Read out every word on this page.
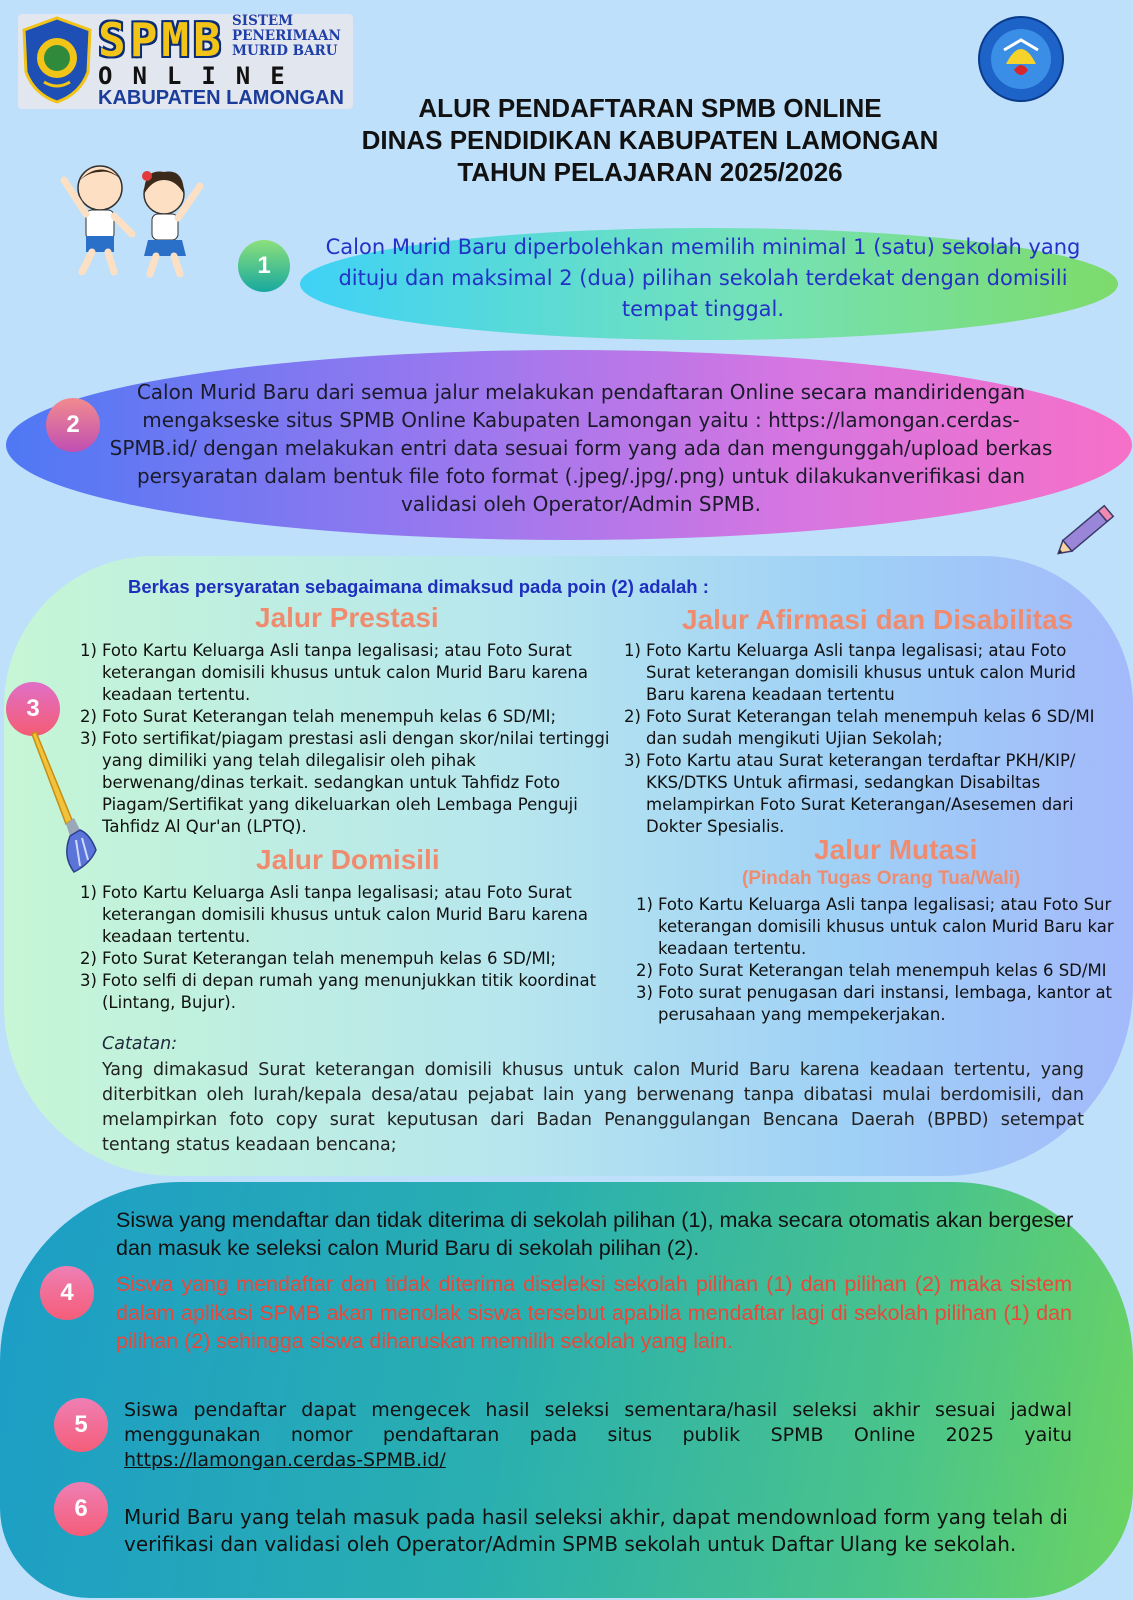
SPMB SISTEM
PENERIMAAN
MURID BARU
ONLINE
KABUPATEN LAMONGAN	ALUR PENDAFTARAN SPMB ONLINE
DINAS PENDIDIKAN KABUPATEN LAMONGAN
TAHUN PELAJARAN 2025/2026
1
Calon Murid Baru diperbolehkan memilih minimal 1 (satu) sekolah yang dituju dan maksimal 2 (dua) pilihan sekolah terdekat dengan domisili tempat tinggal.
2
Calon Murid Baru dari semua jalur melakukan pendaftaran Online secara mandiridengan mengakseske situs SPMB Online Kabupaten Lamongan yaitu : https://lamongan.cerdas-SPMB.id/ dengan melakukan entri data sesuai form yang ada dan mengunggah/upload berkas persyaratan dalam bentuk file foto format (.jpeg/.jpg/.png) untuk dilakukanverifikasi dan validasi oleh Operator/Admin SPMB.
3
Berkas persyaratan sebagaimana dimaksud pada poin (2) adalah :
Jalur Prestasi
1) Foto Kartu Keluarga Asli tanpa legalisasi; atau Foto Surat keterangan domisili khusus untuk calon Murid Baru karena keadaan tertentu.
2) Foto Surat Keterangan telah menempuh kelas 6 SD/MI;
3) Foto sertifikat/piagam prestasi asli dengan skor/nilai tertinggi yang dimiliki yang telah dilegalisir oleh pihak berwenang/dinas terkait. sedangkan untuk Tahfidz Foto Piagam/Sertifikat yang dikeluarkan oleh Lembaga Penguji Tahfidz Al Qur'an (LPTQ).
Jalur Afirmasi dan Disabilitas
1) Foto Kartu Keluarga Asli tanpa legalisasi; atau Foto Surat keterangan domisili khusus untuk calon Murid Baru karena keadaan tertentu
2) Foto Surat Keterangan telah menempuh kelas 6 SD/MI dan sudah mengikuti Ujian Sekolah;
3) Foto Kartu atau Surat keterangan terdaftar PKH/KIP/ KKS/DTKS Untuk afirmasi, sedangkan Disabiltas melampirkan Foto Surat Keterangan/Asesemen dari Dokter Spesialis.
Jalur Domisili
1) Foto Kartu Keluarga Asli tanpa legalisasi; atau Foto Surat keterangan domisili khusus untuk calon Murid Baru karena keadaan tertentu.
2) Foto Surat Keterangan telah menempuh kelas 6 SD/MI;
3) Foto selfi di depan rumah yang menunjukkan titik koordinat (Lintang, Bujur).
Jalur Mutasi
(Pindah Tugas Orang Tua/Wali)
1) Foto Kartu Keluarga Asli tanpa legalisasi; atau Foto Sur keterangan domisili khusus untuk calon Murid Baru kar keadaan tertentu.
2) Foto Surat Keterangan telah menempuh kelas 6 SD/MI
3) Foto surat penugasan dari instansi, lembaga, kantor at perusahaan yang mempekerjakan.
Catatan:
Yang dimakasud Surat keterangan domisili khusus untuk calon Murid Baru karena keadaan tertentu, yang diterbitkan oleh lurah/kepala desa/atau pejabat lain yang berwenang tanpa dibatasi mulai berdomisili, dan melampirkan foto copy surat keputusan dari Badan Penanggulangan Bencana Daerah (BPBD) setempat tentang status keadaan bencana;
4
Siswa yang mendaftar dan tidak diterima di sekolah pilihan (1), maka secara otomatis akan bergeser dan masuk ke seleksi calon Murid Baru di sekolah pilihan (2).
Siswa yang mendaftar dan tidak diterima diseleksi sekolah pilihan (1) dan pilihan (2) maka sistem dalam aplikasi SPMB akan menolak siswa tersebut apabila mendaftar lagi di sekolah pilihan (1) dan pilihan (2) sehingga siswa diharuskan memilih sekolah yang lain.
5
Siswa pendaftar dapat mengecek hasil seleksi sementara/hasil seleksi akhir sesuai jadwal menggunakan nomor pendaftaran pada situs publik SPMB Online 2025 yaitu https://lamongan.cerdas-SPMB.id/
6	Murid Baru yang telah masuk pada hasil seleksi akhir, dapat mendownload form yang telah di verifikasi dan validasi oleh Operator/Admin SPMB sekolah untuk Daftar Ulang ke sekolah.
